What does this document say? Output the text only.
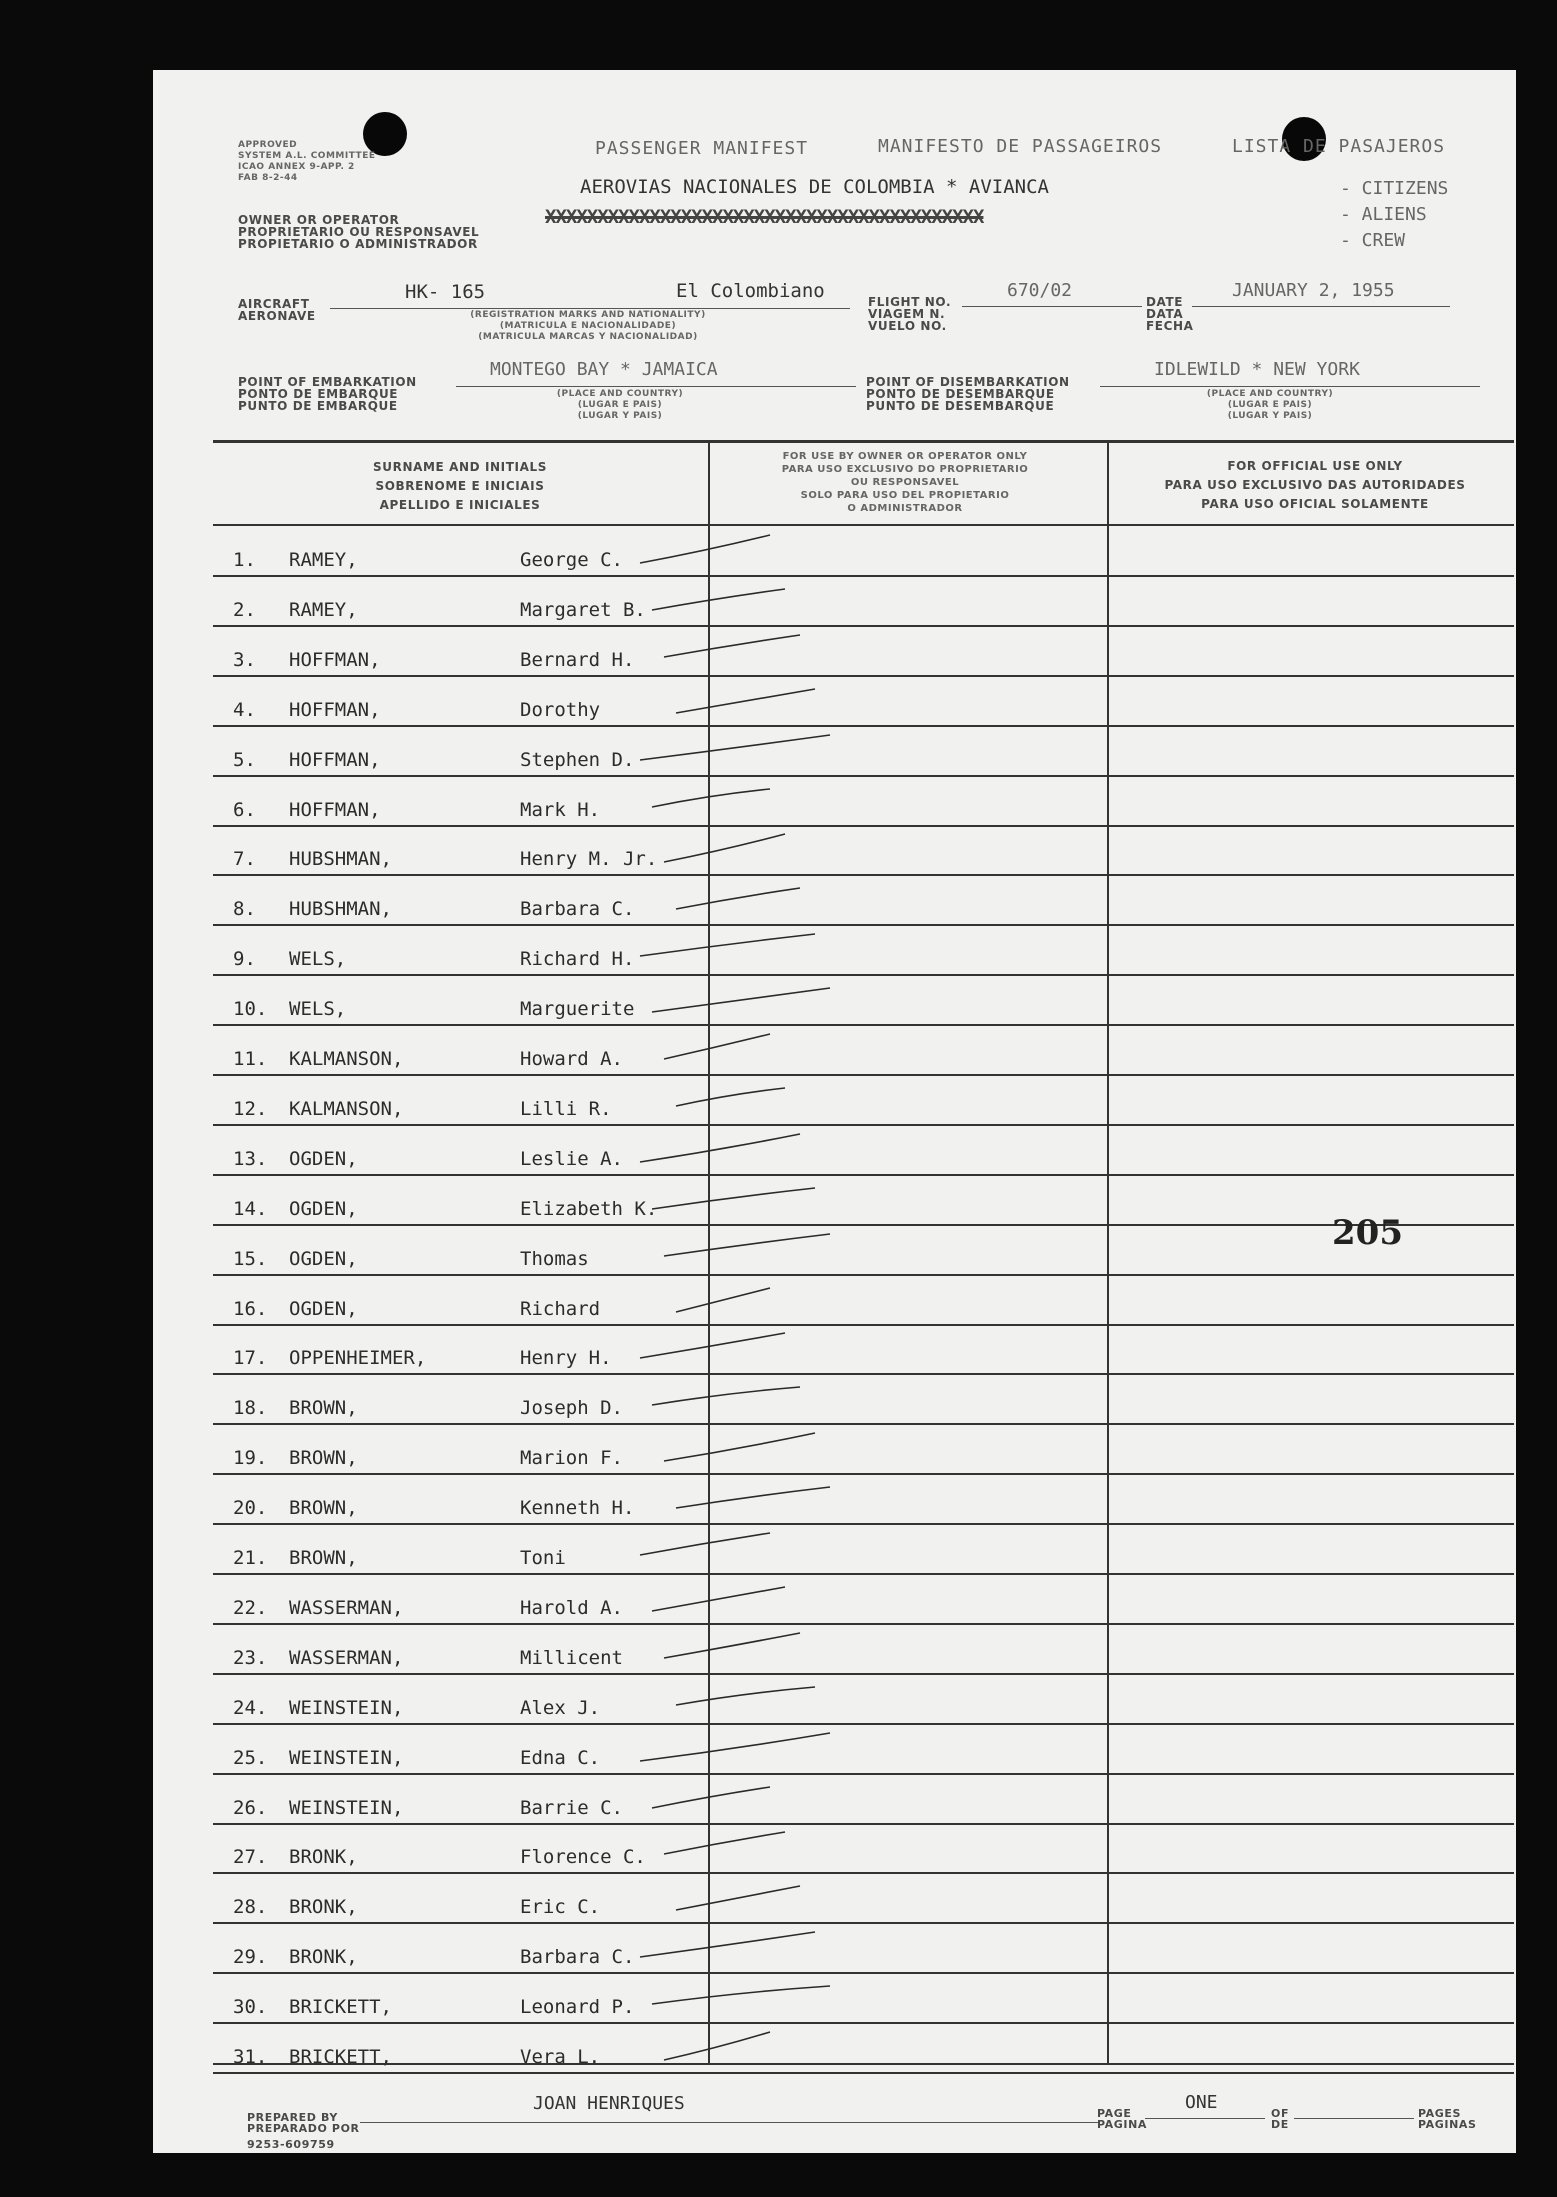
APPROVED
SYSTEM A.L. COMMITTEE
ICAO ANNEX 9-APP. 2
FAB 8-2-44
PASSENGER MANIFEST	MANIFESTO DE PASSAGEIROS	LISTA DE PASAJEROS
OWNER OR OPERATOR
PROPRIETARIO OU RESPONSAVEL
PROPIETARIO O ADMINISTRADOR
AEROVIAS NACIONALES DE COLOMBIA * AVIANCA
XXXXXXXXXXXXXXXXXXXXXXXXXXXXXXXXXXXXXXXXXX
- CITIZENS
- ALIENS
- CREW
AIRCRAFT
AERONAVE
HK- 165	El Colombiano
(REGISTRATION MARKS AND NATIONALITY)
(MATRICULA E NACIONALIDADE)
(MATRICULA MARCAS Y NACIONALIDAD)
FLIGHT NO.
VIAGEM N.
VUELO NO.
670/02
DATE
DATA
FECHA
JANUARY 2, 1955
POINT OF EMBARKATION
PONTO DE EMBARQUE
PUNTO DE EMBARQUE
MONTEGO BAY * JAMAICA
(PLACE AND COUNTRY)
(LUGAR E PAIS)
(LUGAR Y PAIS)
POINT OF DISEMBARKATION
PONTO DE DESEMBARQUE
PUNTO DE DESEMBARQUE
IDLEWILD * NEW YORK
(PLACE AND COUNTRY)
(LUGAR E PAIS)
(LUGAR Y PAIS)
SURNAME AND INITIALS
SOBRENOME E INICIAIS
APELLIDO E INICIALES
FOR USE BY OWNER OR OPERATOR ONLY
PARA USO EXCLUSIVO DO PROPRIETARIO
OU RESPONSAVEL
SOLO PARA USO DEL PROPIETARIO
O ADMINISTRADOR
FOR OFFICIAL USE ONLY
PARA USO EXCLUSIVO DAS AUTORIDADES
PARA USO OFICIAL SOLAMENTE
1. RAMEY,	George C.
2. RAMEY,	Margaret B.
3. HOFFMAN,	Bernard H.
4. HOFFMAN,	Dorothy
5. HOFFMAN,	Stephen D.
6. HOFFMAN,	Mark H.
7. HUBSHMAN,	Henry M. Jr.
8. HUBSHMAN,	Barbara C.
9. WELS,	Richard H.
10. WELS,	Marguerite
11. KALMANSON,	Howard A.
12. KALMANSON,	Lilli R.
13. OGDEN,	Leslie A.
14. OGDEN,	Elizabeth K.
15. OGDEN,	Thomas
16. OGDEN,	Richard
17. OPPENHEIMER,	Henry H.
18. BROWN,	Joseph D.
19. BROWN,	Marion F.
20. BROWN,	Kenneth H.
21. BROWN,	Toni
22. WASSERMAN,	Harold A.
23. WASSERMAN,	Millicent
24. WEINSTEIN,	Alex J.
25. WEINSTEIN,	Edna C.
26. WEINSTEIN,	Barrie C.
27. BRONK,	Florence C.
28. BRONK,	Eric C.
29. BRONK,	Barbara C.
30. BRICKETT,	Leonard P.
31. BRICKETT,	Vera L.
205
PREPARED BY
PREPARADO POR
JOAN HENRIQUES
9253-609759
PAGE
PAGINA
ONE
OF
DE
PAGES
PAGINAS
